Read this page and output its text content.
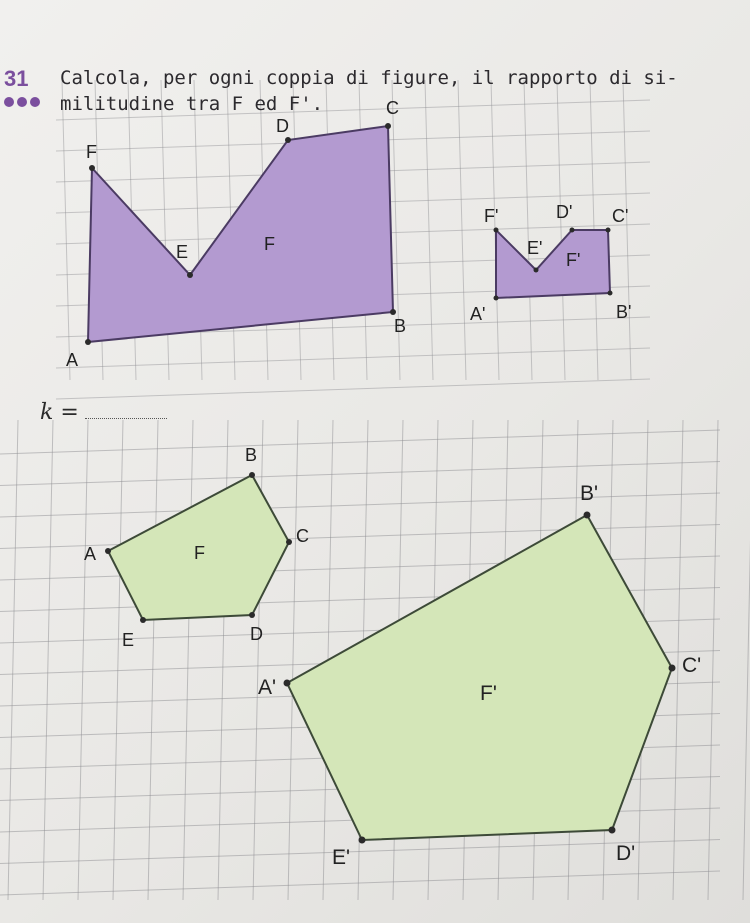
A
B
C
D
E
F
F
A'	B'
C'
D'
E'
F'
F'
A
B
C
D
E
F
A'
B'
C'
D'
E'
F'
31 Calcola, per ogni coppia di figure, il rapporto di si-
militudine tra F ed F'.
k =
